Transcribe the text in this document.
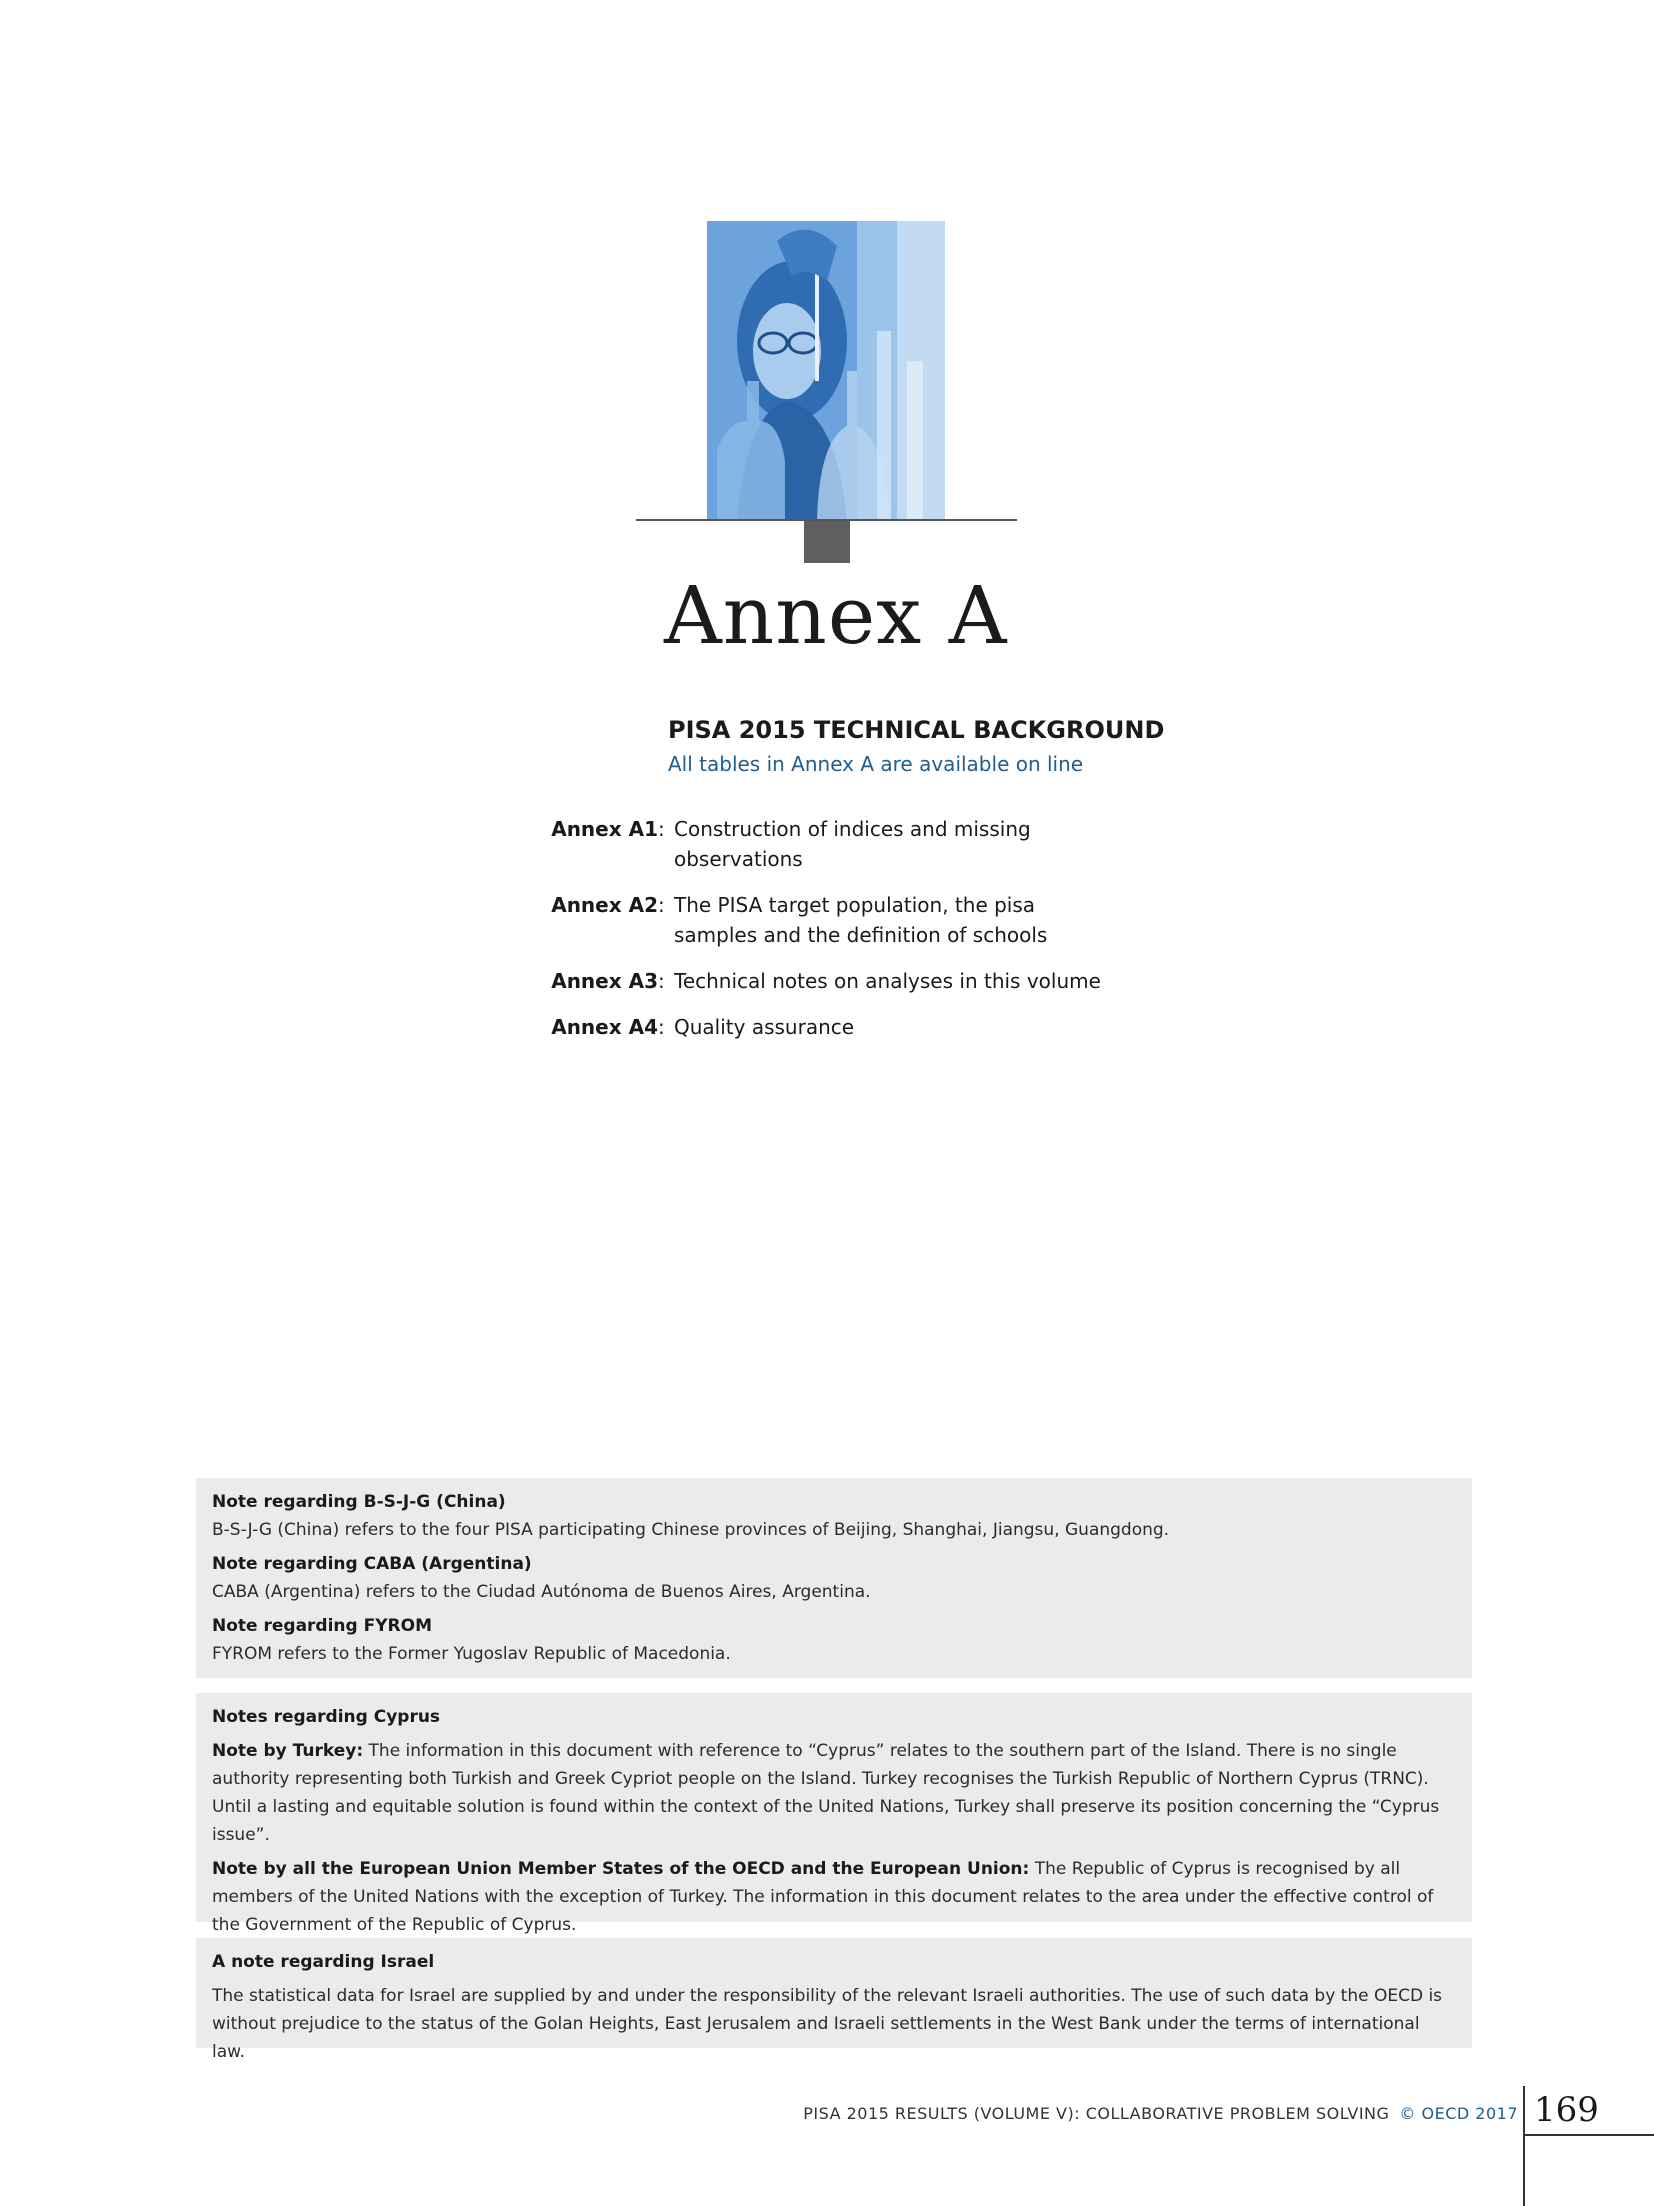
Annex A
PISA 2015 TECHNICAL BACKGROUND
All tables in Annex A are available on line
Annex A1 : Construction of indices and missing observations
Annex A2 : The PISA target population, the pisa samples and the definition of schools
Annex A3 : Technical notes on analyses in this volume
Annex A4 : Quality assurance

Note regarding B-S-J-G (China)

B-S-J-G (China) refers to the four PISA participating Chinese provinces of Beijing, Shanghai, Jiangsu, Guangdong.

Note regarding CABA (Argentina)

CABA (Argentina) refers to the Ciudad Autónoma de Buenos Aires, Argentina.

Note regarding FYROM

FYROM refers to the Former Yugoslav Republic of Macedonia.

Notes regarding Cyprus

Note by Turkey: The information in this document with reference to “Cyprus” relates to the southern part of the Island. There is no single authority representing both Turkish and Greek Cypriot people on the Island. Turkey recognises the Turkish Republic of Northern Cyprus (TRNC). Until a lasting and equitable solution is found within the context of the United Nations, Turkey shall preserve its position concerning the “Cyprus issue”.

Note by all the European Union Member States of the OECD and the European Union: The Republic of Cyprus is recognised by all members of the United Nations with the exception of Turkey. The information in this document relates to the area under the effective control of the Government of the Republic of Cyprus.

A note regarding Israel

The statistical data for Israel are supplied by and under the responsibility of the relevant Israeli authorities. The use of such data by the OECD is without prejudice to the status of the Golan Heights, East Jerusalem and Israeli settlements in the West Bank under the terms of international law.

PISA 2015 RESULTS (VOLUME V): COLLABORATIVE PROBLEM SOLVING © OECD 2017 169
